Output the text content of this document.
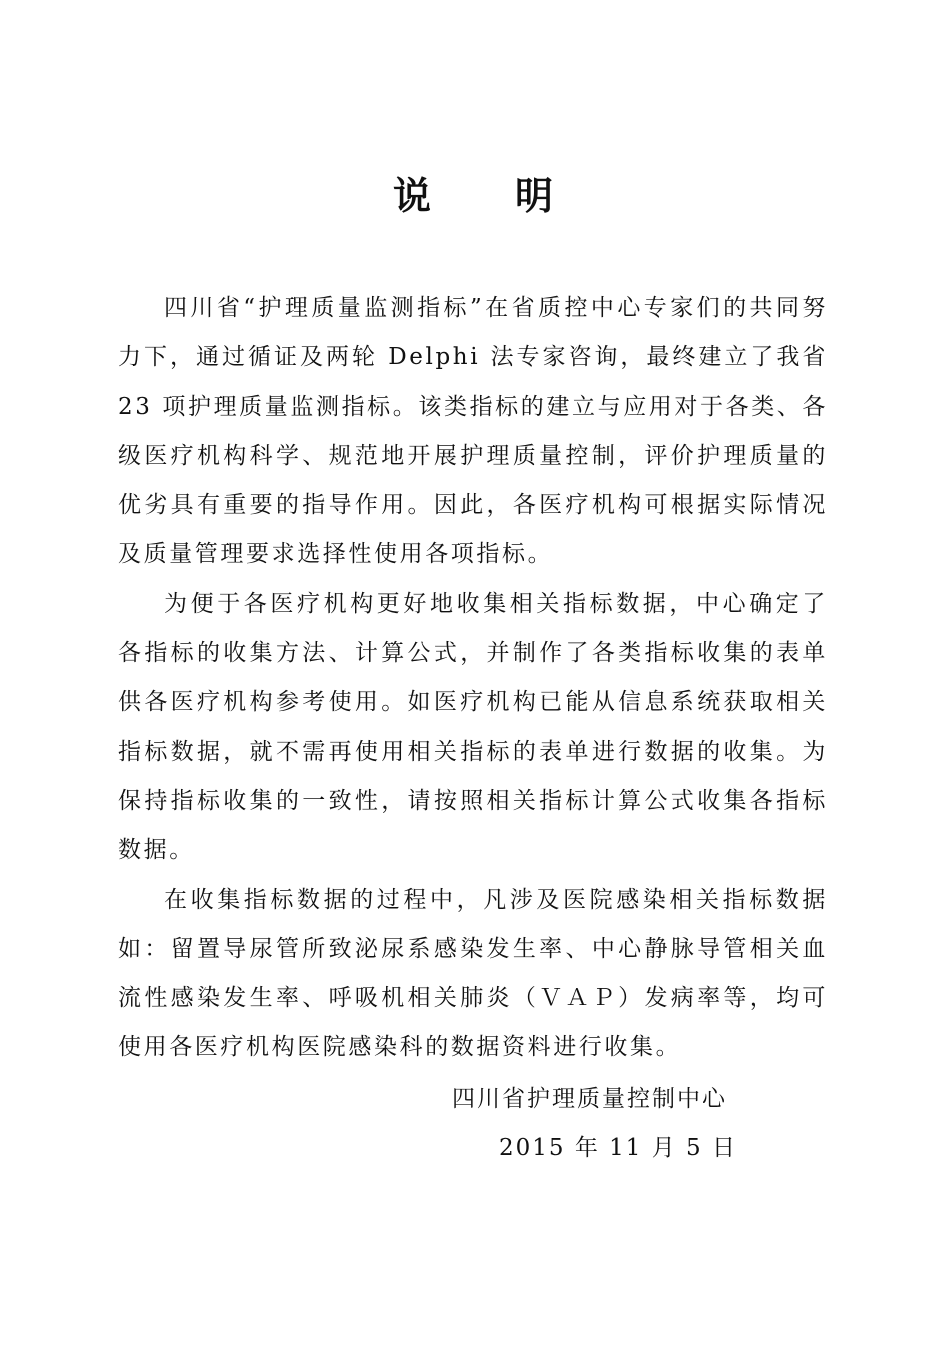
说 明

四川省“护理质量监测指标”在省质控中心专家们的共同努力下，通过循证及两轮 Delphi 法专家咨询，最终建立了我省 23 项护理质量监测指标。该类指标的建立与应用对于各类、各级医疗机构科学、规范地开展护理质量控制，评价护理质量的优劣具有重要的指导作用。因此，各医疗机构可根据实际情况及质量管理要求选择性使用各项指标。

为便于各医疗机构更好地收集相关指标数据，中心确定了各指标的收集方法、计算公式，并制作了各类指标收集的表单供各医疗机构参考使用。如医疗机构已能从信息系统获取相关指标数据，就不需再使用相关指标的表单进行数据的收集。为保持指标收集的一致性，请按照相关指标计算公式收集各指标数据。

在收集指标数据的过程中，凡涉及医院感染相关指标数据如：留置导尿管所致泌尿系感染发生率、中心静脉导管相关血流性感染发生率、呼吸机相关肺炎（ＶＡＰ）发病率等，均可使用各医疗机构医院感染科的数据资料进行收集。

四川省护理质量控制中心
2015 年 11 月 5 日
